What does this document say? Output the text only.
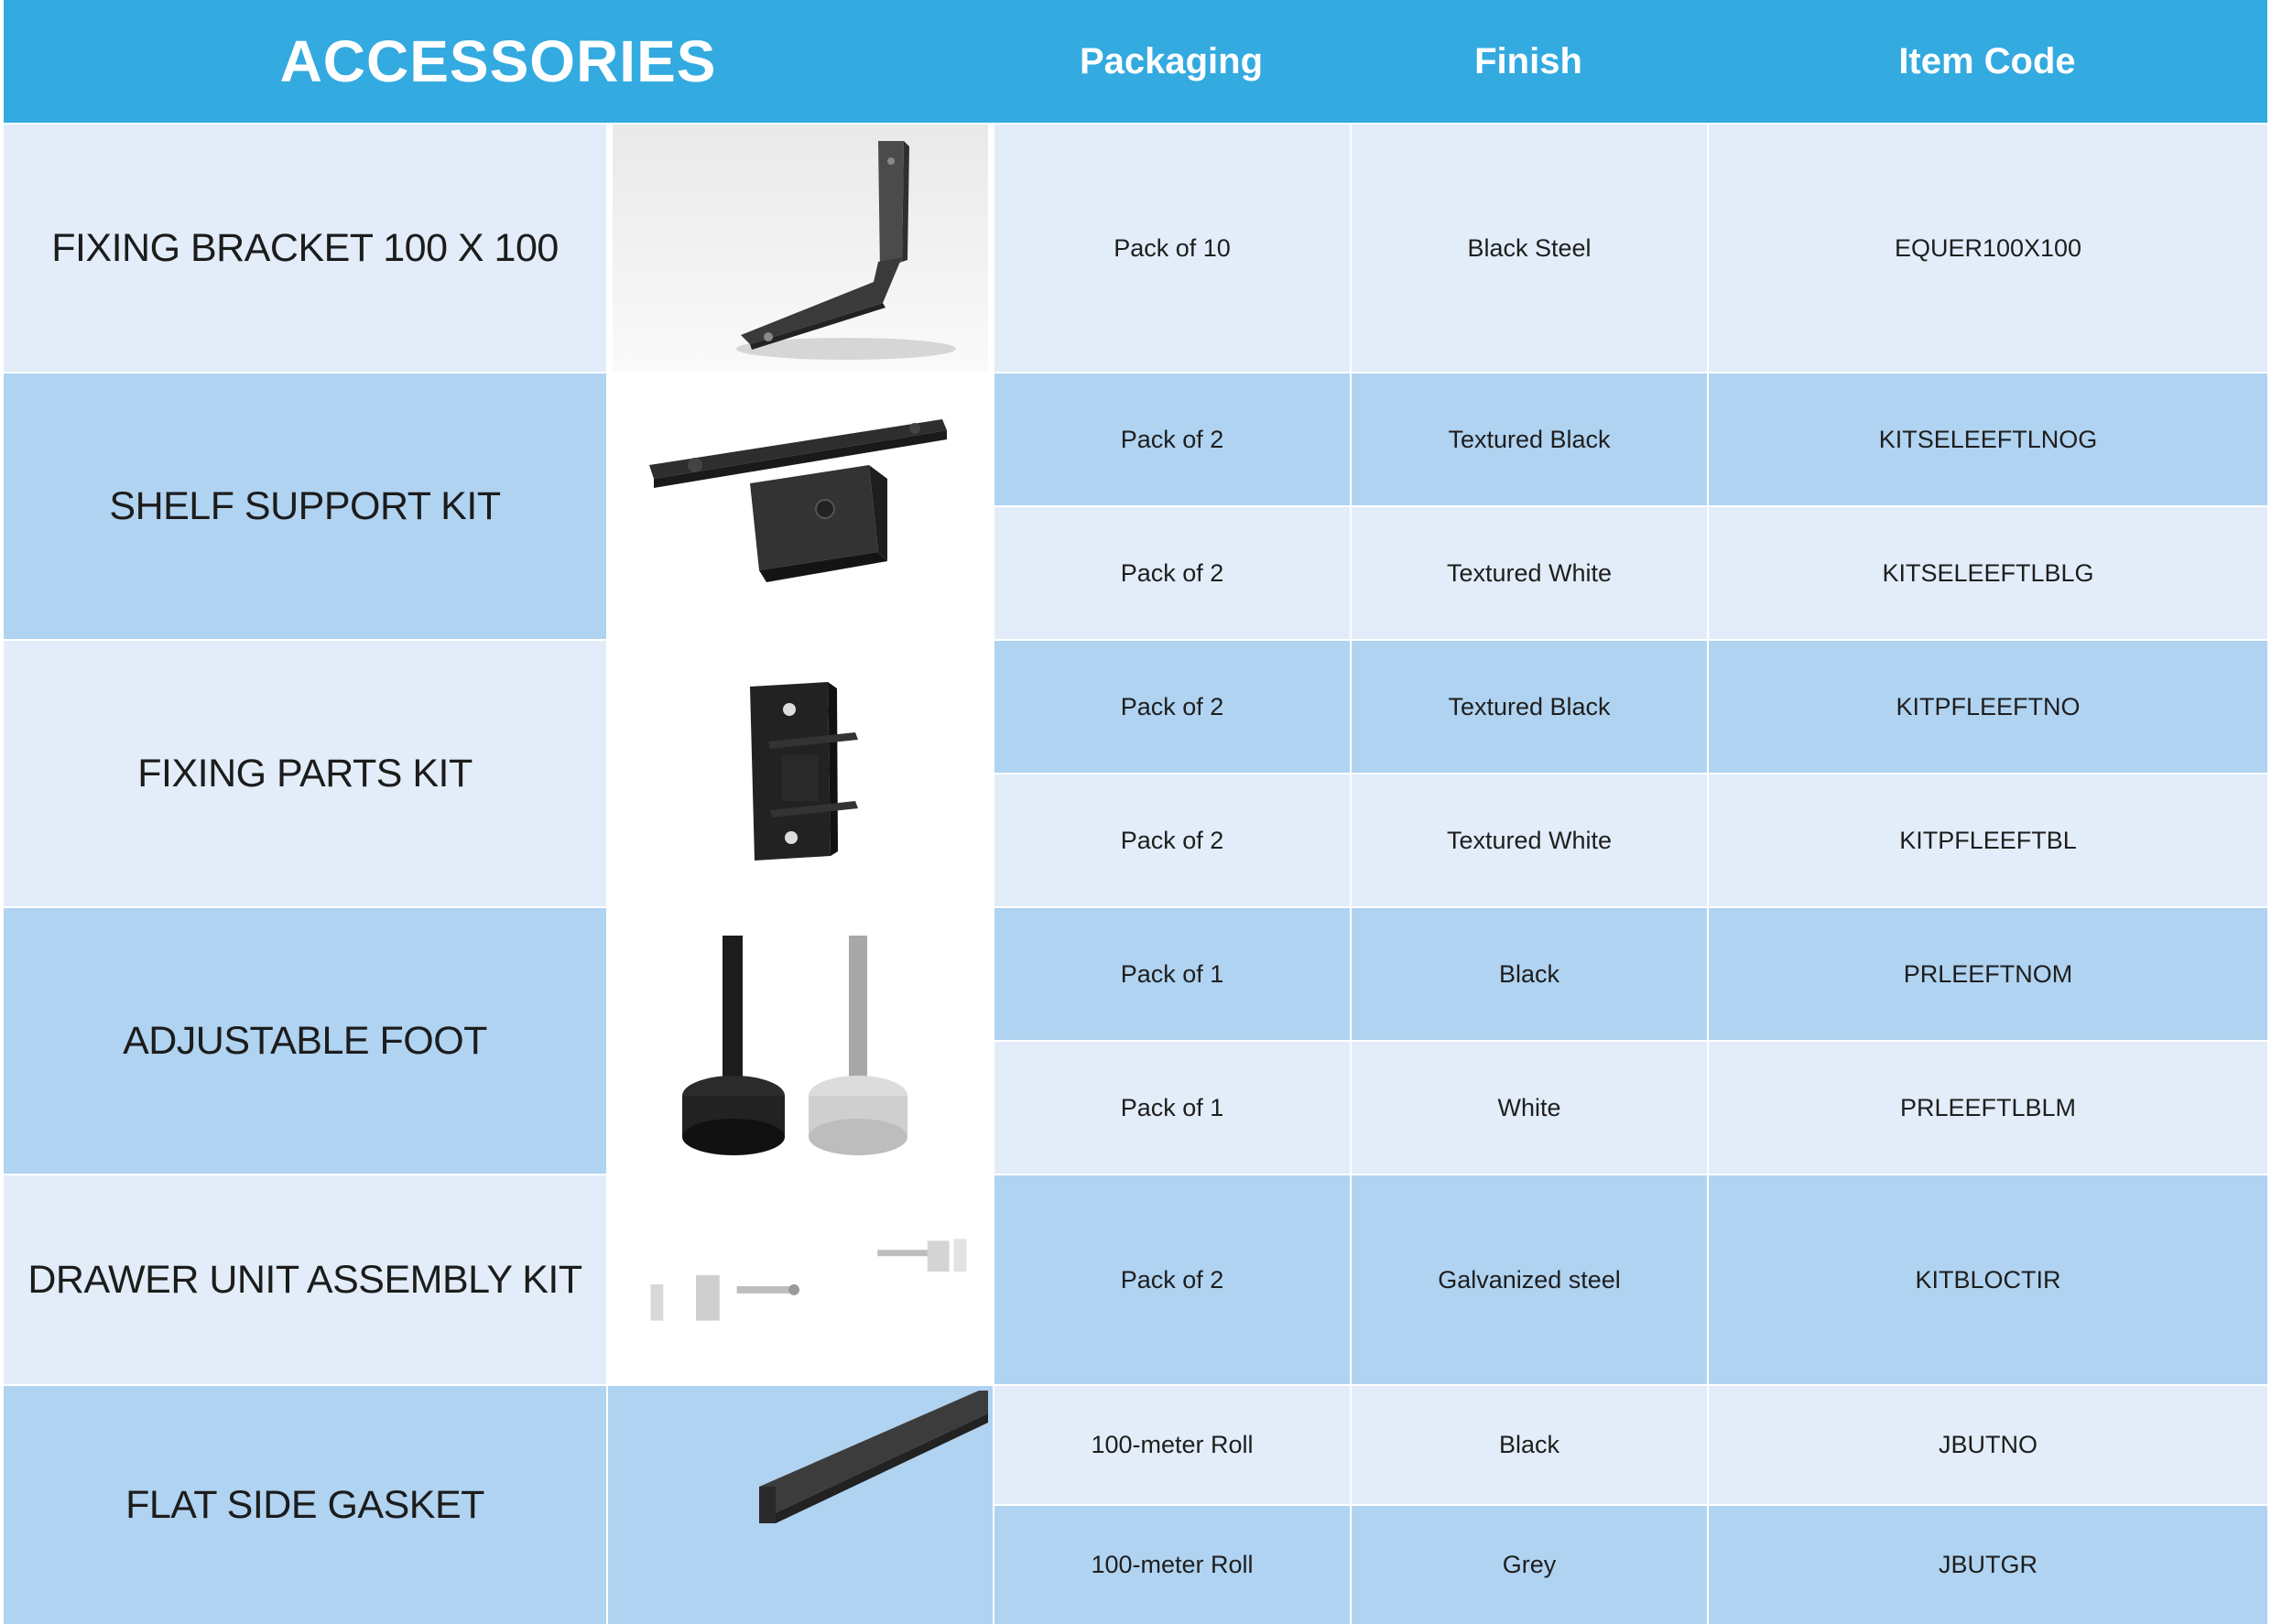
ACCESSORIES	Packaging	Finish	Item Code
FIXING BRACKET 100 X 100	Pack of 10	Black Steel	EQUER100X100
SHELF SUPPORT KIT
Pack of 2	Textured Black	KITSELEEFTLNOG
Pack of 2	Textured White	KITSELEEFTLBLG
FIXING PARTS KIT
Pack of 2	Textured Black	KITPFLEEFTNO
Pack of 2	Textured White	KITPFLEEFTBL
ADJUSTABLE FOOT
Pack of 1	Black	PRLEEFTNOM
Pack of 1	White	PRLEEFTLBLM
DRAWER UNIT ASSEMBLY KIT	Pack of 2	Galvanized steel	KITBLOCTIR
FLAT SIDE GASKET
100-meter Roll	Black	JBUTNO
100-meter Roll	Grey	JBUTGR
